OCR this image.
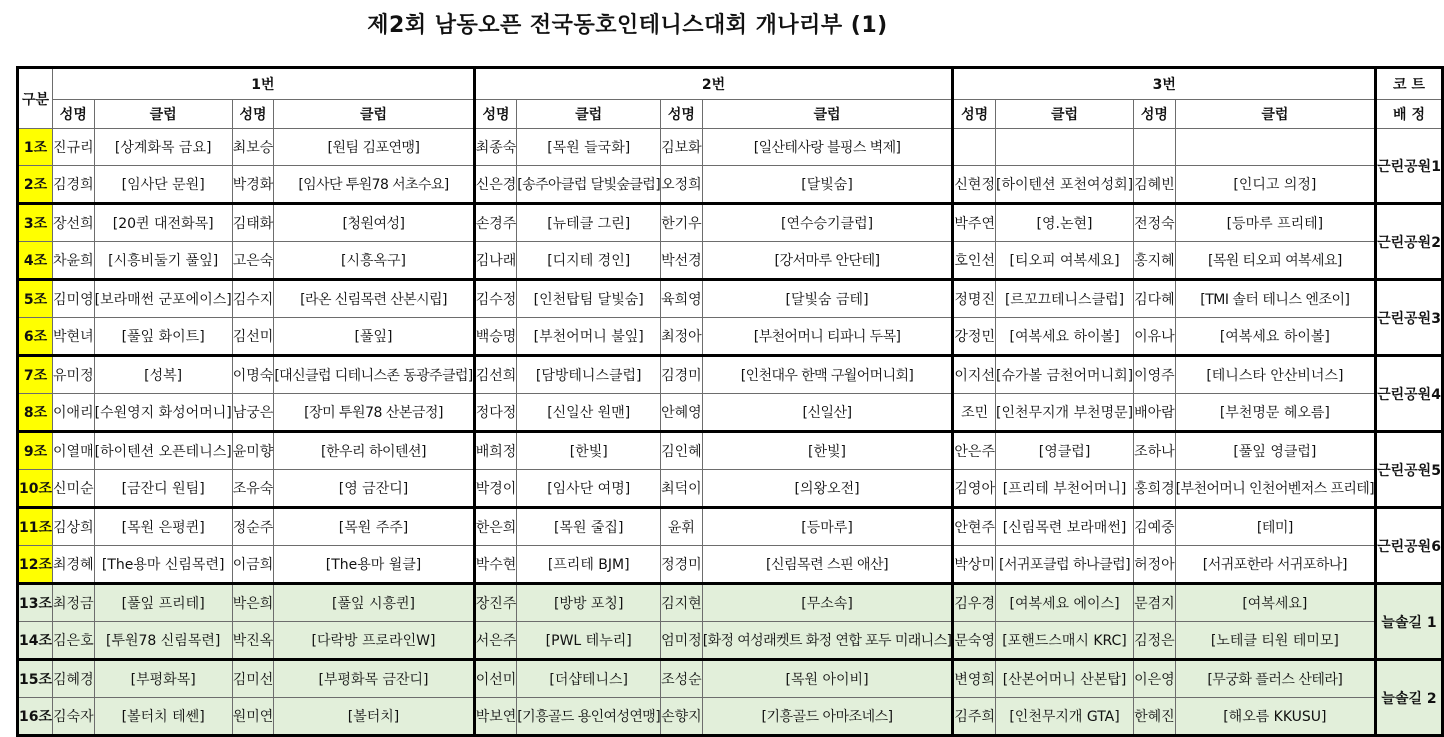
제2회 남동오픈 전국동호인테니스대회 개나리부 (1)
구분	1번				2번				3번				코 트
	성명	클럽	성명	클럽	성명	클럽	성명	클럽	성명	클럽	성명	클럽	배 정
1조	진규리	[상계화목 금요]	최보승	[원팀 김포연맹]	최종숙	[목원 들국화]	김보화	[일산테사랑 블핑스 벽제]					근린공원1
2조	김경희	[임사단 문원]	박경화	[임사단 투원78 서초수요]	신은경	[송주아클럽 달빛숲클럽]	오정희	[달빛숨]	신현정	[하이텐션 포천여성회]	김혜빈	[인디고 의정]	
3조	장선희	[20퀸 대전화목]	김태화	[청원여성]	손경주	[뉴테클 그린]	한기우	[연수승기클럽]	박주연	[영.논현]	전정숙	[등마루 프리테]	근린공원2
4조	차윤희	[시흥비둘기 풀잎]	고은숙	[시흥옥구]	김나래	[디지테 경인]	박선경	[강서마루 안단테]	호인선	[티오피 여복세요]	홍지혜	[목원 티오피 여복세요]	
5조	김미영	[보라매썬 군포에이스]	김수지	[라온 신림목련 산본시립]	김수정	[인천탑팀 달빛숨]	육희영	[달빛숨 금테]	정명진	[르꼬끄테니스클럽]	김다혜	[TMI 솔터 테니스 엔조이]	근린공원3
6조	박현녀	[풀잎 화이트]	김선미	[풀잎]	백승명	[부천어머니 불잎]	최정아	[부천어머니 티파니 두목]	강정민	[여복세요 하이볼]	이유나	[여복세요 하이볼]	
7조	유미정	[성복]	이명숙	[대신클럽 디테니스존 동광주클럽]	김선희	[담방테니스클럽]	김경미	[인천대우 한맥 구월어머니회]	이지선	[슈가볼 금천어머니회]	이영주	[테니스타 안산비너스]	근린공원4
8조	이애리	[수원영지 화성어머니]	남궁은	[장미 투원78 산본금정]	정다정	[신일산 원맨]	안혜영	[신일산]	조민	[인천무지개 부천명문]	배아람	[부천명문 헤오름]	
9조	이열매	[하이텐션 오픈테니스]	윤미향	[한우리 하이텐션]	배희정	[한빛]	김인혜	[한빛]	안은주	[영클럽]	조하나	[풀잎 영클럽]	근린공원5
10조	신미순	[금잔디 원팀]	조유숙	[영 금잔디]	박경이	[임사단 여명]	최덕이	[의왕오전]	김영아	[프리테 부천어머니]	홍희경	[부천어머니 인천어벤저스 프리테]	
11조	김상희	[목원 은평퀸]	정순주	[목원 주주]	한은희	[목원 줄집]	윤휘	[등마루]	안현주	[신림목련 보라매썬]	김예중	[테미]	근린공원6
12조	최경혜	[The용마 신림목련]	이금희	[The용마 윌클]	박수현	[프리테 BJM]	정경미	[신림목련 스핀 애산]	박상미	[서귀포클럽 하나클럽]	허정아	[서귀포한라 서귀포하나]	
13조	최정금	[풀잎 프리테]	박은희	[풀잎 시흥퀸]	장진주	[방방 포칭]	김지현	[무소속]	김우경	[여복세요 에이스]	문겸지	[여복세요]	늘솔길 1
14조	김은호	[투원78 신림목련]	박진옥	[다락방 프로라인W]	서은주	[PWL 테누리]	엄미정	[화정 여성래켓트 화정 연합 포두 미래니스]	문숙영	[포핸드스매시 KRC]	김정은	[노테클 티원 테미모]	
15조	김혜경	[부평화목]	김미선	[부평화목 금잔디]	이선미	[더샵테니스]	조성순	[목원 아이비]	변영희	[산본어머니 산본탑]	이은영	[무궁화 플러스 산테라]	늘솔길 2
16조	김숙자	[볼터치 테쎈]	원미연	[볼터치]	박보연	[기흥골드 용인여성연맹]	손향지	[기흥골드 아마조네스]	김주희	[인천무지개 GTA]	한혜진	[해오름 KKUSU]	
